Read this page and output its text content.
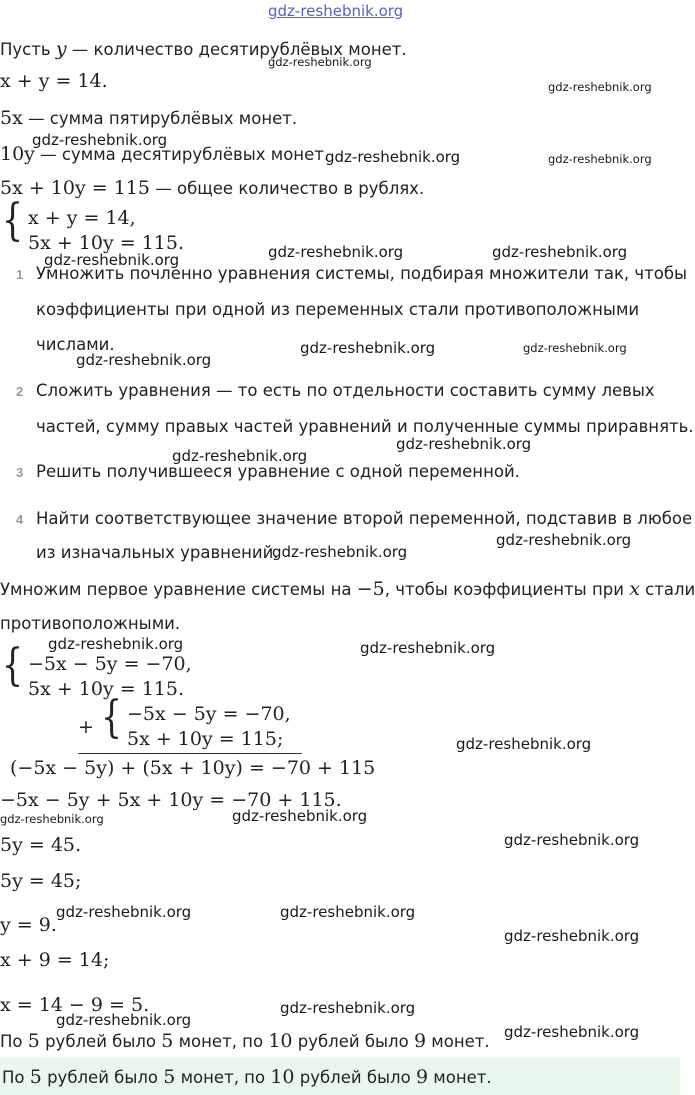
gdz-reshebnik.org
Пусть y — количество десятирублёвых монет.
x + y = 14.
5x — сумма пятирублёвых монет.
10y — сумма десятирублёвых монет.
5x + 10y = 115 — общее количество в рублях.
{ x + y = 14,
5x + 10y = 115.
1 Умножить почленно уравнения системы, подбирая множители так, чтобы
коэффициенты при одной из переменных стали противоположными
числами.
2 Сложить уравнения — то есть по отдельности составить сумму левых
частей, сумму правых частей уравнений и полученные суммы приравнять.
3 Решить получившееся уравнение с одной переменной.
4 Найти соответствующее значение второй переменной, подставив в любое
из изначальных уравнений.
Умножим первое уравнение системы на −5, чтобы коэффициенты при x стали
противоположными.
{ −5x − 5y = −70,
5x + 10y = 115.
+ { −5x − 5y = −70,
5x + 10y = 115;
(−5x − 5y) + (5x + 10y) = −70 + 115
−5x − 5y + 5x + 10y = −70 + 115.
5y = 45.
5y = 45;
y = 9.
x + 9 = 14;
x = 14 − 9 = 5.
По 5 рублей было 5 монет, по 10 рублей было 9 монет.
По 5 рублей было 5 монет, по 10 рублей было 9 монет.
gdz-reshebnik.org
gdz-reshebnik.org
gdz-reshebnik.org
gdz-reshebnik.org	gdz-reshebnik.org
gdz-reshebnik.org	gdz-reshebnik.org	gdz-reshebnik.org
gdz-reshebnik.org	gdz-reshebnik.org
gdz-reshebnik.org
gdz-reshebnik.org
gdz-reshebnik.org
gdz-reshebnik.org
gdz-reshebnik.org
gdz-reshebnik.org	gdz-reshebnik.org
gdz-reshebnik.org
gdz-reshebnik.org	gdz-reshebnik.org
gdz-reshebnik.org
gdz-reshebnik.org	gdz-reshebnik.org
gdz-reshebnik.org
gdz-reshebnik.org
gdz-reshebnik.org
gdz-reshebnik.org
